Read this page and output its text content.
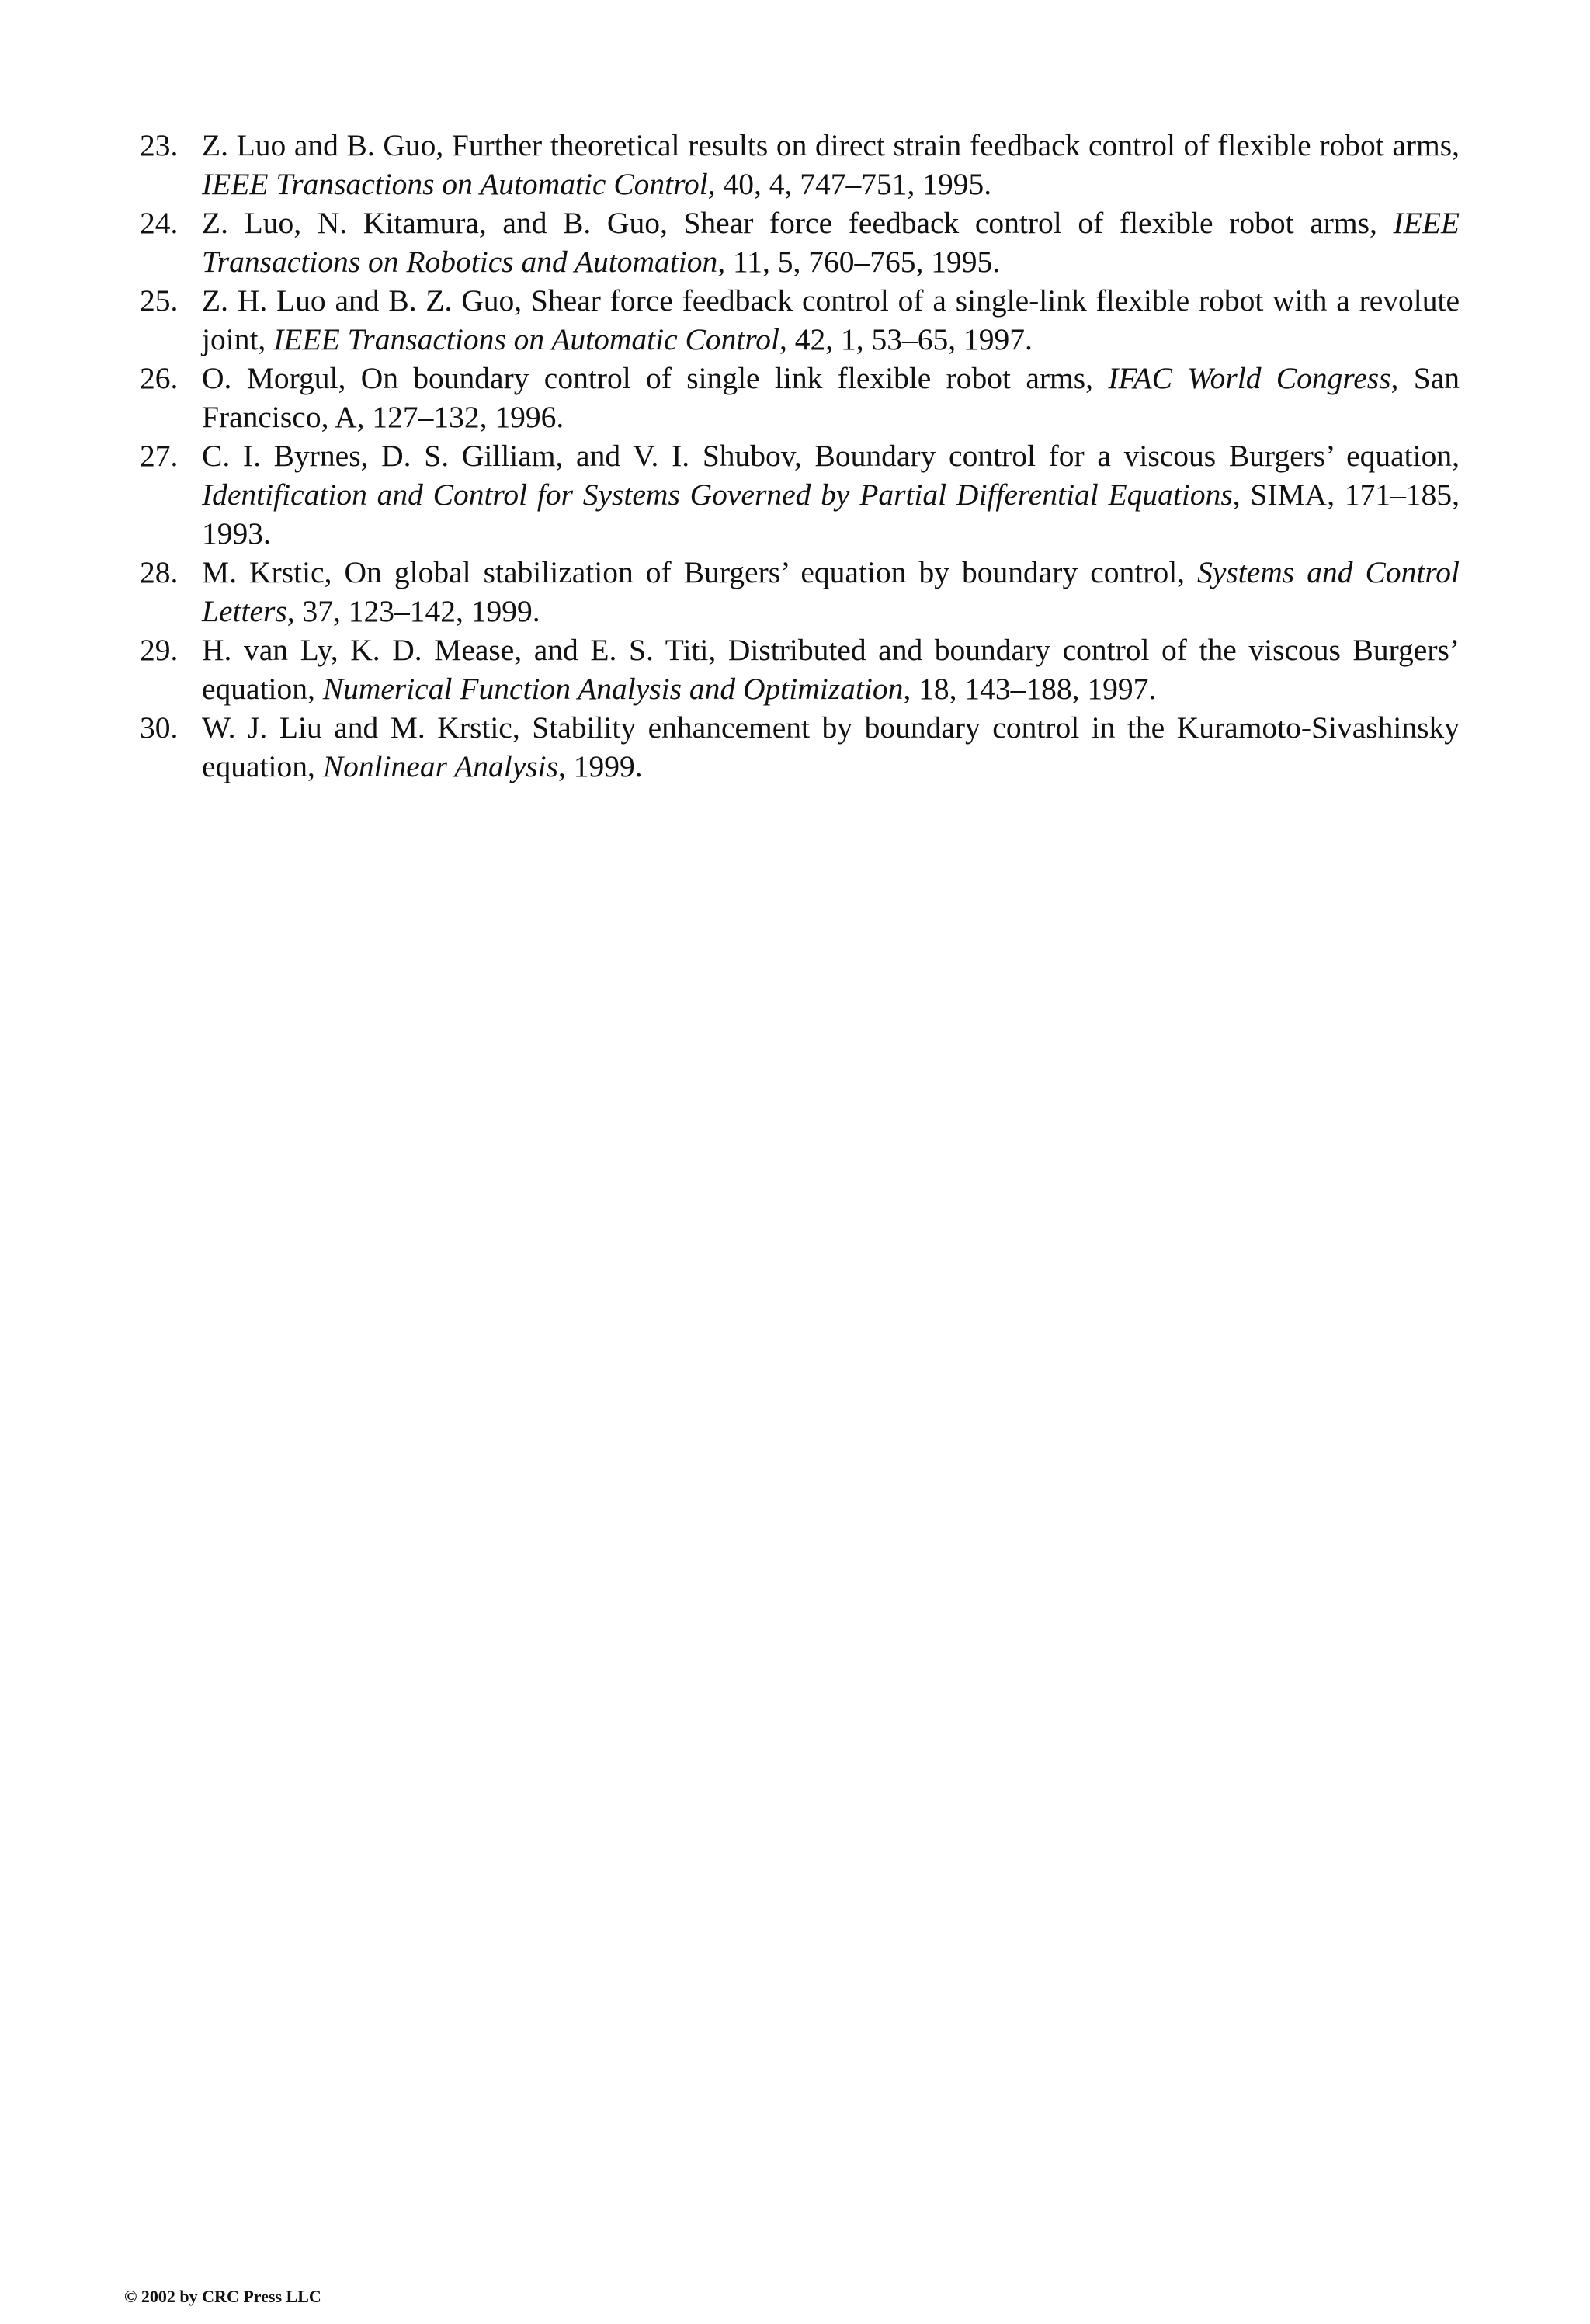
23. Z. Luo and B. Guo, Further theoretical results on direct strain feedback control of flexible robot arms, IEEE Transactions on Automatic Control, 40, 4, 747–751, 1995.
24. Z. Luo, N. Kitamura, and B. Guo, Shear force feedback control of flexible robot arms, IEEE Transactions on Robotics and Automation, 11, 5, 760–765, 1995.
25. Z. H. Luo and B. Z. Guo, Shear force feedback control of a single-link flexible robot with a revolute joint, IEEE Transactions on Automatic Control, 42, 1, 53–65, 1997.
26. O. Morgul, On boundary control of single link flexible robot arms, IFAC World Congress, San Francisco, A, 127–132, 1996.
27. C. I. Byrnes, D. S. Gilliam, and V. I. Shubov, Boundary control for a viscous Burgers’ equation, Identification and Control for Systems Governed by Partial Differential Equations, SIMA, 171–185, 1993.
28. M. Krstic, On global stabilization of Burgers’ equation by boundary control, Systems and Control Letters, 37, 123–142, 1999.
29. H. van Ly, K. D. Mease, and E. S. Titi, Distributed and boundary control of the viscous Burgers’ equation, Numerical Function Analysis and Optimization, 18, 143–188, 1997.
30. W. J. Liu and M. Krstic, Stability enhancement by boundary control in the Kuramoto-Sivashinsky equation, Nonlinear Analysis, 1999.
© 2002 by CRC Press LLC
